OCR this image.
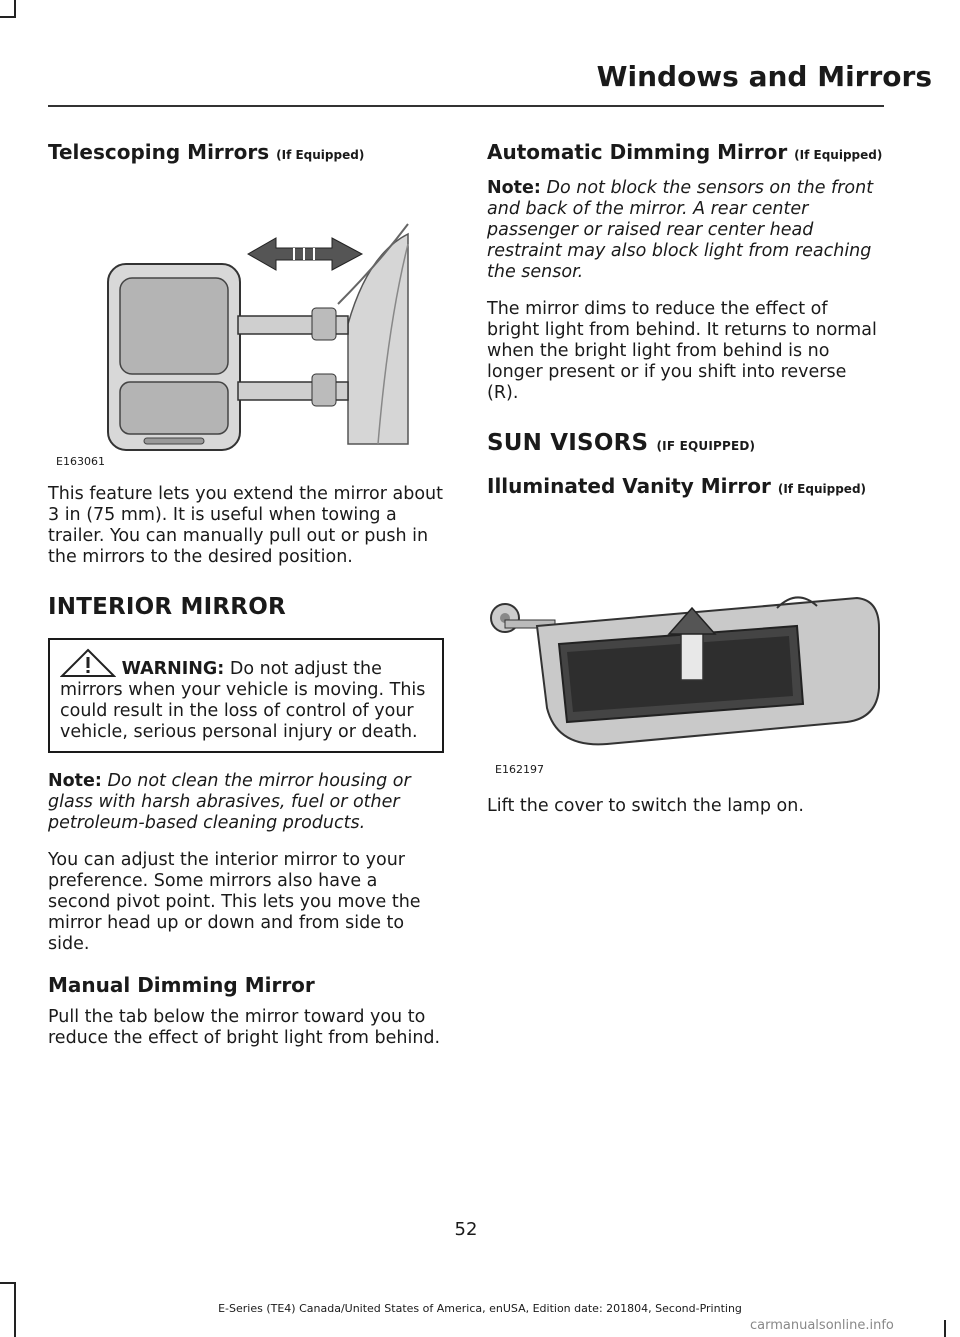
Windows and Mirrors
Telescoping Mirrors (If Equipped)
E163061

This feature lets you extend the mirror about 3 in (75 mm). It is useful when towing a trailer. You can manually pull out or push in the mirrors to the desired position.

INTERIOR MIRROR

WARNING: Do not adjust the mirrors when your vehicle is moving. This could result in the loss of control of your vehicle, serious personal injury or death.

Note: Do not clean the mirror housing or glass with harsh abrasives, fuel or other petroleum-based cleaning products.

You can adjust the interior mirror to your preference. Some mirrors also have a second pivot point. This lets you move the mirror head up or down and from side to side.

Manual Dimming Mirror

Pull the tab below the mirror toward you to reduce the effect of bright light from behind.

Automatic Dimming Mirror (If Equipped)

Note: Do not block the sensors on the front and back of the mirror. A rear center passenger or raised rear center head restraint may also block light from reaching the sensor.

The mirror dims to reduce the effect of bright light from behind. It returns to normal when the bright light from behind is no longer present or if you shift into reverse (R).

SUN VISORS (IF EQUIPPED)
Illuminated Vanity Mirror (If Equipped)
E162197

Lift the cover to switch the lamp on.

52
E-Series (TE4) Canada/United States of America, enUSA, Edition date: 201804, Second-Printing
carmanualsonline.info
